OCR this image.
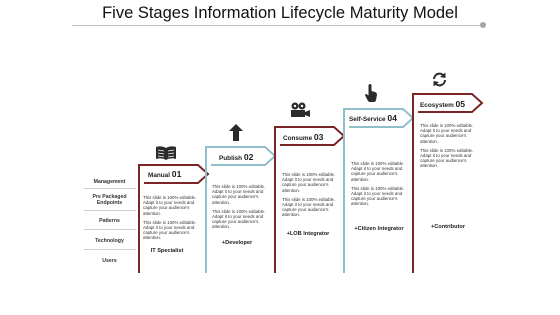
Five Stages Information Lifecycle Maturity Model
Management
Pre Packaged Endpoints
Patterns
Technology
Users
Manual 01

This slide is 100% editable. Adapt it to your needs and capture your audience's attention.

This slide is 100% editable. Adapt it to your needs and capture your audience's attention.

IT Specialist
Publish 02

This slide is 100% editable. Adapt it to your needs and capture your audience's attention.

This slide is 100% editable. Adapt it to your needs and capture your audience's attention.

+Developer
Consume 03

This slide is 100% editable. Adapt it to your needs and capture your audience's attention.

This slide is 100% editable. Adapt it to your needs and capture your audience's attention.

+LOB Integrator
Self-Service 04

This slide is 100% editable. Adapt it to your needs and capture your audience's attention.

This slide is 100% editable. Adapt it to your needs and capture your audience's attention.

+Citizen Integrator
Ecosystem 05

This slide is 100% editable. Adapt it to your needs and capture your audience's attention.

This slide is 100% editable. Adapt it to your needs and capture your audience's attention.

+Contributor
